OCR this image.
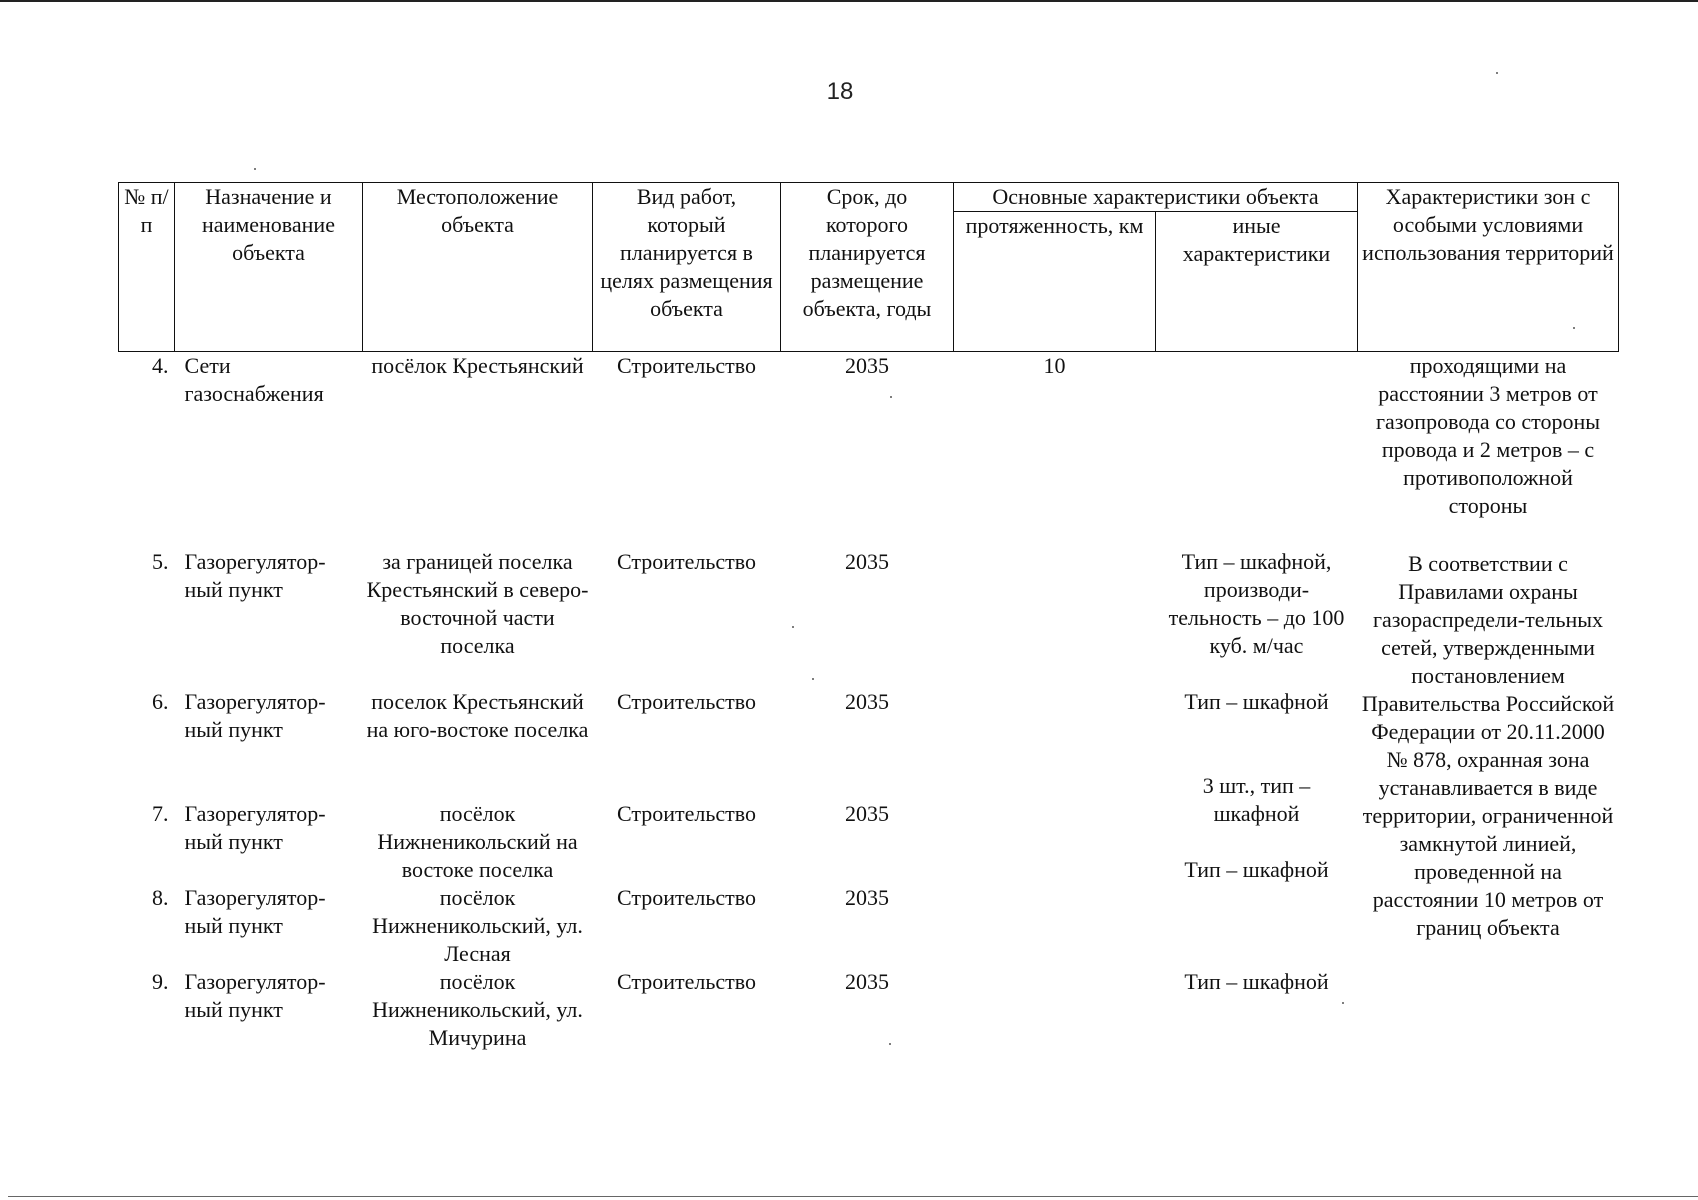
18
№ п/п	Назначение и наименование объекта	Местоположение объекта	Вид работ, который планируется в целях размещения объекта	Срок, до которого планируется размещение объекта, годы	Основные характеристики объекта		Характеристики зон с особыми условиями использования территорий
					протяженность, км	иные характеристики	
4.	Сети газоснабжения	посёлок Крестьянский	Строительство	2035	10		проходящими на расстоянии 3 метров от газопровода со стороны провода и 2 метров – с противоположной стороны
5.	Газорегулятор-ный пункт	за границей поселка Крестьянский в северо-восточной части поселка	Строительство	2035		Тип – шкафной, производи-тельность – до 100 куб. м/час	В соответствии с Правилами охраны газораспредели-тельных сетей, утвержденными постановлением Правительства Российской Федерации от 20.11.2000 № 878, охранная зона устанавливается в виде территории, ограниченной замкнутой линией, проведенной на расстоянии 10 метров от границ объекта
6.	Газорегулятор-ный пункт	поселок Крестьянский на юго-востоке поселка	Строительство	2035		Тип – шкафной	
7.	Газорегулятор-ный пункт	посёлок Нижненикольский на востоке поселка	Строительство	2035		3 шт., тип – шкафной	
8.	Газорегулятор-ный пункт	посёлок Нижненикольский, ул. Лесная	Строительство	2035		Тип – шкафной	
9.	Газорегулятор-ный пункт	посёлок Нижненикольский, ул. Мичурина	Строительство	2035		Тип – шкафной	
